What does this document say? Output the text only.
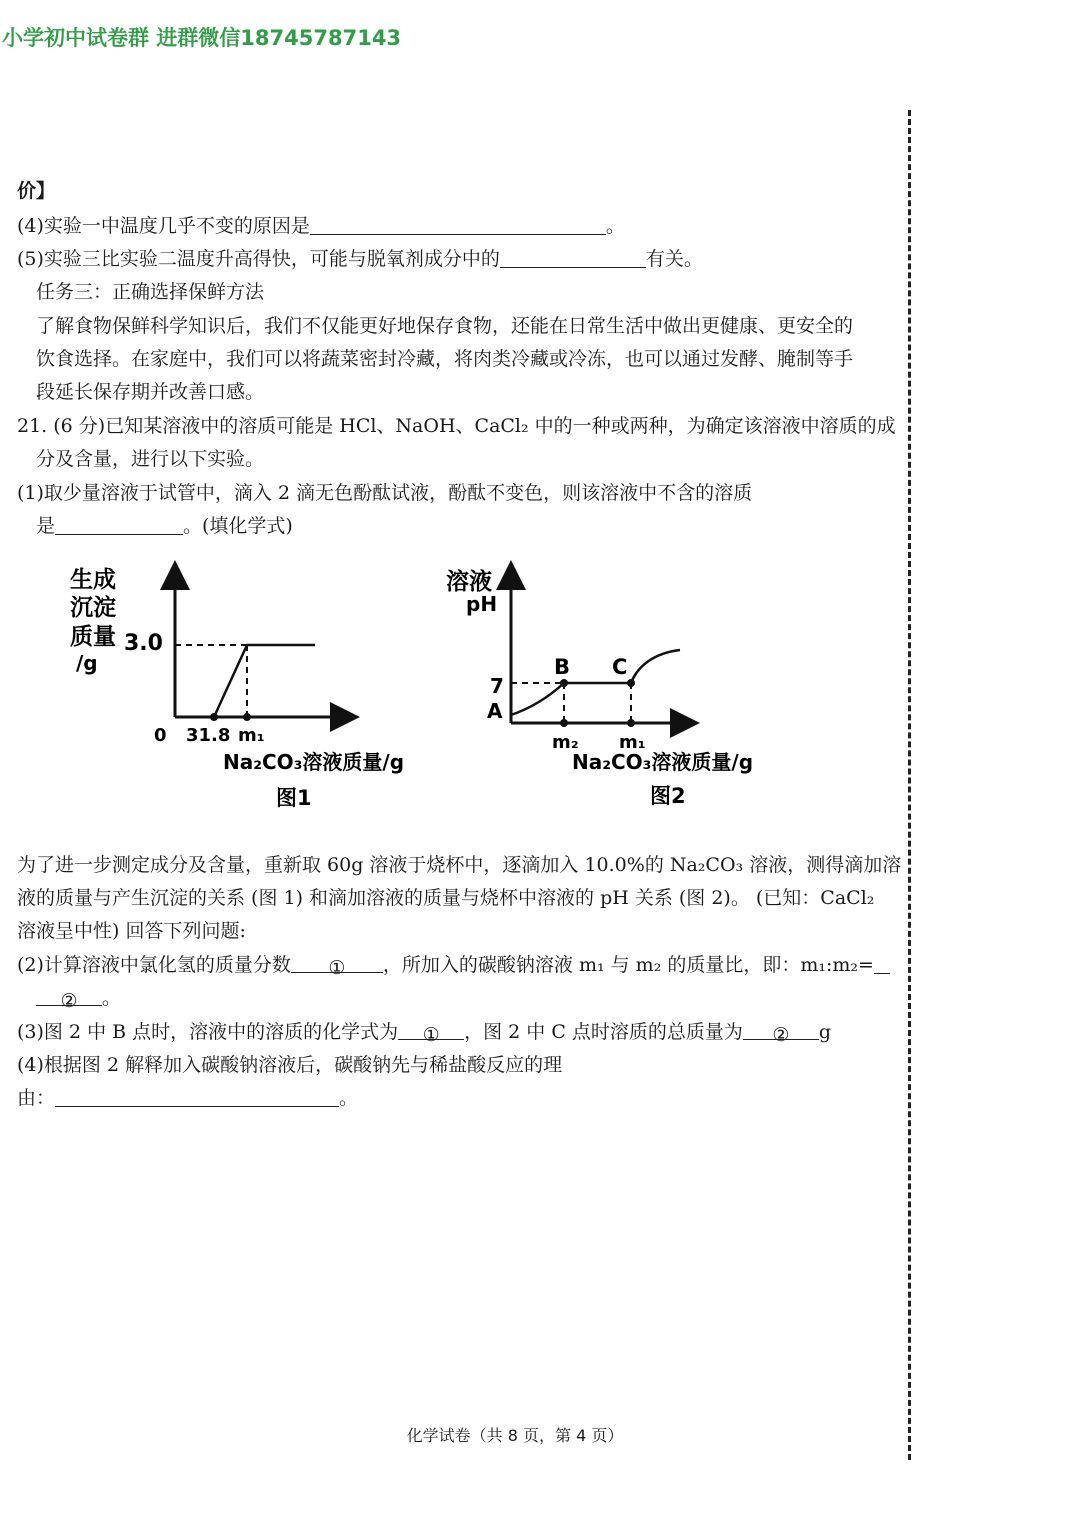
小学初中试卷群 进群微信18745787143
价】
(4)实验一中温度几乎不变的原因是	。
(5)实验三比实验二温度升高得快，可能与脱氧剂成分中的	有关。
任务三：正确选择保鲜方法
了解食物保鲜科学知识后，我们不仅能更好地保存食物，还能在日常生活中做出更健康、更安全的
饮食选择。在家庭中，我们可以将蔬菜密封冷藏，将肉类冷藏或冷冻，也可以通过发酵、腌制等手
段延长保存期并改善口感。
21. (6 分)已知某溶液中的溶质可能是 HCl、NaOH、CaCl₂ 中的一种或两种，为确定该溶液中溶质的成
分及含量，进行以下实验。
(1)取少量溶液于试管中，滴入 2 滴无色酚酞试液，酚酞不变色，则该溶液中不含的溶质
是	。(填化学式)
生成
沉淀
质量
/g
3.0
0 31.8 m₁
Na₂CO₃溶液质量/g
图1
溶液
pH
7
A
B C
m₂ m₁
Na₂CO₃溶液质量/g
图2
为了进一步测定成分及含量，重新取 60g 溶液于烧杯中，逐滴加入 10.0%的 Na₂CO₃ 溶液，测得滴加溶
液的质量与产生沉淀的关系 (图 1) 和滴加溶液的质量与烧杯中溶液的 pH 关系 (图 2)。 (已知：CaCl₂
溶液呈中性) 回答下列问题:
(2)计算溶液中氯化氢的质量分数 ① ，所加入的碳酸钠溶液 m₁ 与 m₂ 的质量比，即：m₁:m₂=
② 。
(3)图 2 中 B 点时，溶液中的溶质的化学式为 ① ，图 2 中 C 点时溶质的总质量为 ② g
(4)根据图 2 解释加入碳酸钠溶液后，碳酸钠先与稀盐酸反应的理
由：	。
化学试卷（共 8 页，第 4 页）
